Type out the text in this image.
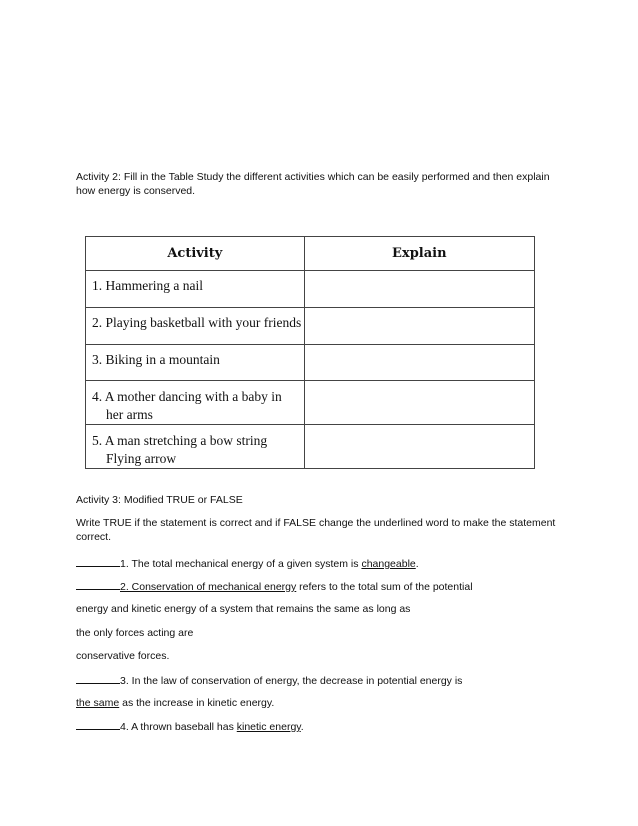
Activity 2: Fill in the Table Study the different activities which can be easily performed and then explain how energy is conserved.

Activity	Explain
1. Hammering a nail	
2. Playing basketball with your friends	
3. Biking in a mountain	
4. A mother dancing with a baby in
her arms	

5. A man stretching a bow string
Flying arrow	

Activity 3: Modified TRUE or FALSE

Write TRUE if the statement is correct and if FALSE change the underlined word to make the statement correct.

1. The total mechanical energy of a given system is changeable.

2. Conservation of mechanical energy refers to the total sum of the potential

energy and kinetic energy of a system that remains the same as long as

the only forces acting are

conservative forces.

3. In the law of conservation of energy, the decrease in potential energy is

the same as the increase in kinetic energy.

4. A thrown baseball has kinetic energy.
